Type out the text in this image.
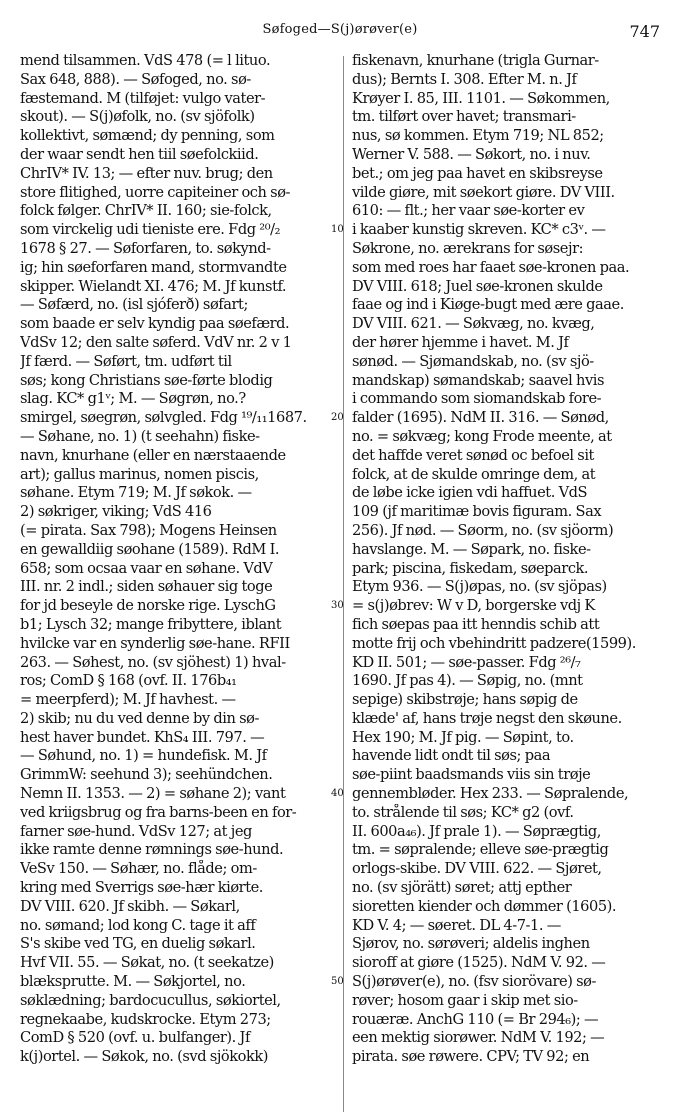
Søfoged—S(j)ørøver(e)	747
mend tilsammen. VdS 478 (= l lituo.
Sax 648, 888). — Søfoged, no. sø-
fæstemand. M (tilføjet: vulgo vater-
skout). — S(j)øfolk, no. (sv sjöfolk)
kollektivt, sømænd; dy penning, som
der waar sendt hen tiil søefolckiid.
ChrIV* IV. 13; — efter nuv. brug; den
store flitighed, uorre capiteiner och sø-
folck følger. ChrIV* II. 160; sie-folck,
som virckelig udi tieniste ere. Fdg ²⁰/₂
1678 § 27. — Søforfaren, to. søkynd-
ig; hin søeforfaren mand, stormvandte
skipper. Wielandt XI. 476; M. Jf kunstf.
— Søfærd, no. (isl sjóferð) søfart;
som baade er selv kyndig paa søefærd.
VdSv 12; den salte søferd. VdV nr. 2 v 1
Jf færd. — Søført, tm. udført til
søs; kong Christians søe-førte blodig
slag. KC* g1ᵛ; M. — Søgrøn, no.?
smirgel, søegrøn, sølvgled. Fdg ¹⁹/₁₁1687.
— Søhane, no. 1) (t seehahn) fiske-
navn, knurhane (eller en nærstaaende
art); gallus marinus, nomen piscis,
søhane. Etym 719; M. Jf søkok. —
2) søkriger, viking; VdS 416
(= pirata. Sax 798); Mogens Heinsen
en gewalldiig søohane (1589). RdM I.
658; som ocsaa vaar en søhane. VdV
III. nr. 2 indl.; siden søhauer sig toge
for jd beseyle de norske rige. LyschG
b1; Lysch 32; mange fribyttere, iblant
hvilcke var en synderlig søe-hane. RFII
263. — Søhest, no. (sv sjöhest) 1) hval-
ros; ComD § 168 (ovf. II. 176b₄₁
= meerpferd); M. Jf havhest. —
2) skib; nu du ved denne by din sø-
hest haver bundet. KhS₄ III. 797. —
— Søhund, no. 1) = hundefisk. M. Jf
GrimmW: seehund 3); seehündchen.
Nemn II. 1353. — 2) = søhane 2); vant
ved kriigsbrug og fra barns-been en for-
farner søe-hund. VdSv 127; at jeg
ikke ramte denne rømnings søe-hund.
VeSv 150. — Søhær, no. flåde; om-
kring med Sverrigs søe-hær kiørte.
DV VIII. 620. Jf skibh. — Søkarl,
no. sømand; lod kong C. tage it aff
S's skibe ved TG, en duelig søkarl.
Hvf VII. 55. — Søkat, no. (t seekatze)
blæksprutte. M. — Søkjortel, no.
søklædning; bardocucullus, søkiortel,
regnekaabe, kudskrocke. Etym 273;
ComD § 520 (ovf. u. bulfanger). Jf
k(j)ortel. — Søkok, no. (svd sjökokk)
10
20
30
40
50
fiskenavn, knurhane (trigla Gurnar-
dus); Bernts I. 308. Efter M. n. Jf
Krøyer I. 85, III. 1101. — Søkommen,
tm. tilført over havet; transmari-
nus, sø kommen. Etym 719; NL 852;
Werner V. 588. — Søkort, no. i nuv.
bet.; om jeg paa havet en skibsreyse
vilde giøre, mit søekort giøre. DV VIII.
610: — flt.; her vaar søe-korter ev
i kaaber kunstig skreven. KC* c3ᵛ. —
Søkrone, no. ærekrans for søsejr:
som med roes har faaet søe-kronen paa.
DV VIII. 618; Juel søe-kronen skulde
faae og ind i Kiøge-bugt med ære gaae.
DV VIII. 621. — Søkvæg, no. kvæg,
der hører hjemme i havet. M. Jf
sønød. — Sjømandskab, no. (sv sjö-
mandskap) sømandskab; saavel hvis
i commando som siomandskab fore-
falder (1695). NdM II. 316. — Sønød,
no. = søkvæg; kong Frode meente, at
det haffde veret sønød oc befoel sit
folck, at de skulde omringe dem, at
de løbe icke igien vdi haffuet. VdS
109 (jf maritimæ bovis figuram. Sax
256). Jf nød. — Søorm, no. (sv sjöorm)
havslange. M. — Søpark, no. fiske-
park; piscina, fiskedam, søeparck.
Etym 936. — S(j)øpas, no. (sv sjöpas)
= s(j)øbrev: W v D, borgerske vdj K
fich søepas paa itt henndis schib att
motte frij och vbehindritt padzere(1599).
KD II. 501; — søe-passer. Fdg ²⁶/₇
1690. Jf pas 4). — Søpig, no. (mnt
sepige) skibstrøje; hans søpig de
klæde' af, hans trøje negst den skøune.
Hex 190; M. Jf pig. — Søpint, to.
havende lidt ondt til søs; paa
søe-piint baadsmands viis sin trøje
gennembløder. Hex 233. — Søpralende,
to. strålende til søs; KC* g2 (ovf.
II. 600a₄₆). Jf prale 1). — Søprægtig,
tm. = søpralende; elleve søe-prægtig
orlogs-skibe. DV VIII. 622. — Sjøret,
no. (sv sjörätt) søret; attj epther
sioretten kiender och dømmer (1605).
KD V. 4; — søeret. DL 4-7-1. —
Sjørov, no. sørøveri; aldelis inghen
sioroff at giøre (1525). NdM V. 92. —
S(j)ørøver(e), no. (fsv siorövare) sø-
røver; hosom gaar i skip met sio-
rouæræ. AnchG 110 (= Br 294₆); —
een mektig siorøwer. NdM V. 192; —
pirata. søe røwere. CPV; TV 92; en
